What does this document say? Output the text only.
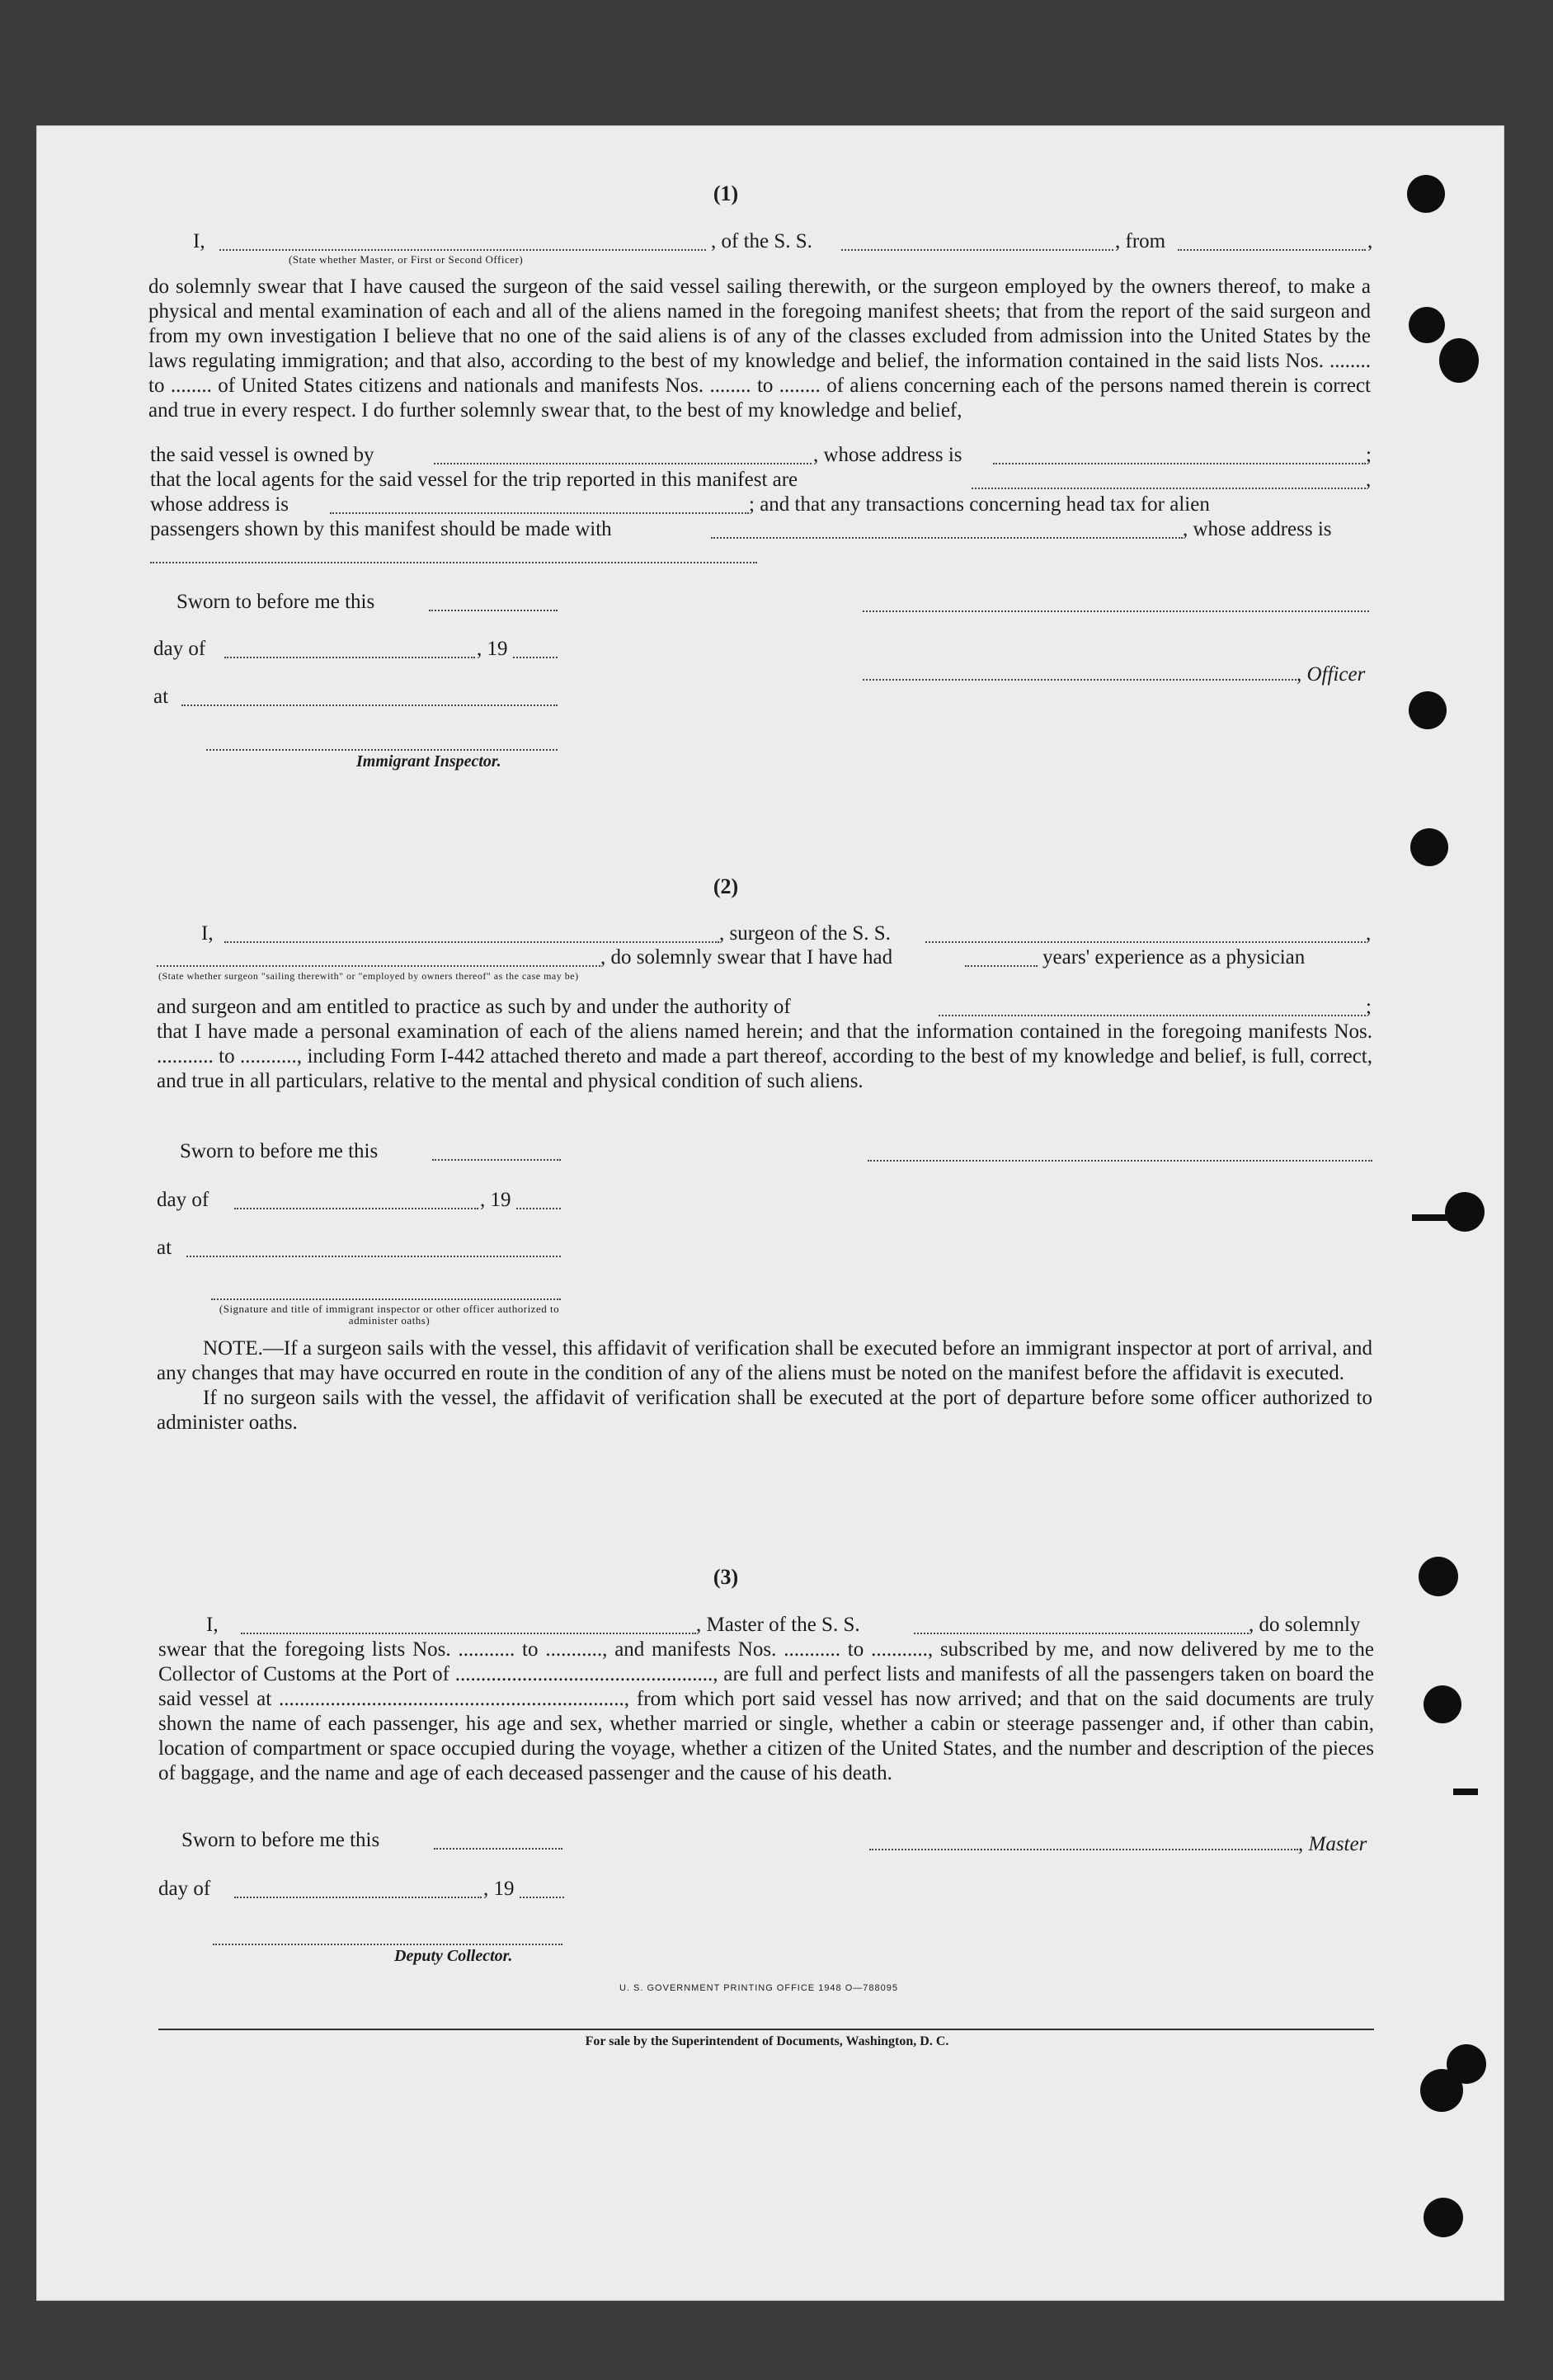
(1)

I,	, of the S. S.	, from	,
(State whether Master, or First or Second Officer)

do solemnly swear that I have caused the surgeon of the said vessel sailing therewith, or the surgeon employed by the owners thereof, to make a physical and mental examination of each and all of the aliens named in the foregoing manifest sheets; that from the report of the said surgeon and from my own investigation I believe that no one of the said aliens is of any of the classes excluded from admission into the United States by the laws regulating immigration; and that also, according to the best of my knowledge and belief, the information contained in the said lists Nos. ........ to ........ of United States citizens and nationals and manifests Nos. ........ to ........ of aliens concerning each of the persons named therein is correct and true in every respect. I do further solemnly swear that, to the best of my knowledge and belief,

the said vessel is owned by	, whose address is	;
that the local agents for the said vessel for the trip reported in this manifest are	,
whose address is	; and that any transactions concerning head tax for alien
passengers shown by this manifest should be made with	, whose address is
Sworn to before me this
day of	, 19
, Officer
at
Immigrant Inspector.

(2)

I,	, surgeon of the S. S.	,
, do solemnly swear that I have had	years' experience as a physician
(State whether surgeon "sailing therewith" or "employed by owners thereof" as the case may be)
and surgeon and am entitled to practice as such by and under the authority of	;

that I have made a personal examination of each of the aliens named herein; and that the information contained in the foregoing manifests Nos. ........... to ..........., including Form I-442 attached thereto and made a part thereof, according to the best of my knowledge and belief, is full, correct, and true in all particulars, relative to the mental and physical condition of such aliens.

Sworn to before me this
day of	, 19
at
(Signature and title of immigrant inspector or other officer authorized to administer oaths)

NOTE.—If a surgeon sails with the vessel, this affidavit of verification shall be executed before an immigrant inspector at port of arrival, and any changes that may have occurred en route in the condition of any of the aliens must be noted on the manifest before the affidavit is executed.

If no surgeon sails with the vessel, the affidavit of verification shall be executed at the port of departure before some officer authorized to administer oaths.

(3)

I,	, Master of the S. S.	, do solemnly

swear that the foregoing lists Nos. ........... to ..........., and manifests Nos. ........... to ..........., subscribed by me, and now delivered by me to the Collector of Customs at the Port of .................................................., are full and perfect lists and manifests of all the passengers taken on board the said vessel at ..................................................................., from which port said vessel has now arrived; and that on the said documents are truly shown the name of each passenger, his age and sex, whether married or single, whether a cabin or steerage passenger and, if other than cabin, location of compartment or space occupied during the voyage, whether a citizen of the United States, and the number and description of the pieces of baggage, and the name and age of each deceased passenger and the cause of his death.

Sworn to before me this	, Master
day of	, 19
Deputy Collector.
U. S. GOVERNMENT PRINTING OFFICE 1948 O—788095
For sale by the Superintendent of Documents, Washington, D. C.
